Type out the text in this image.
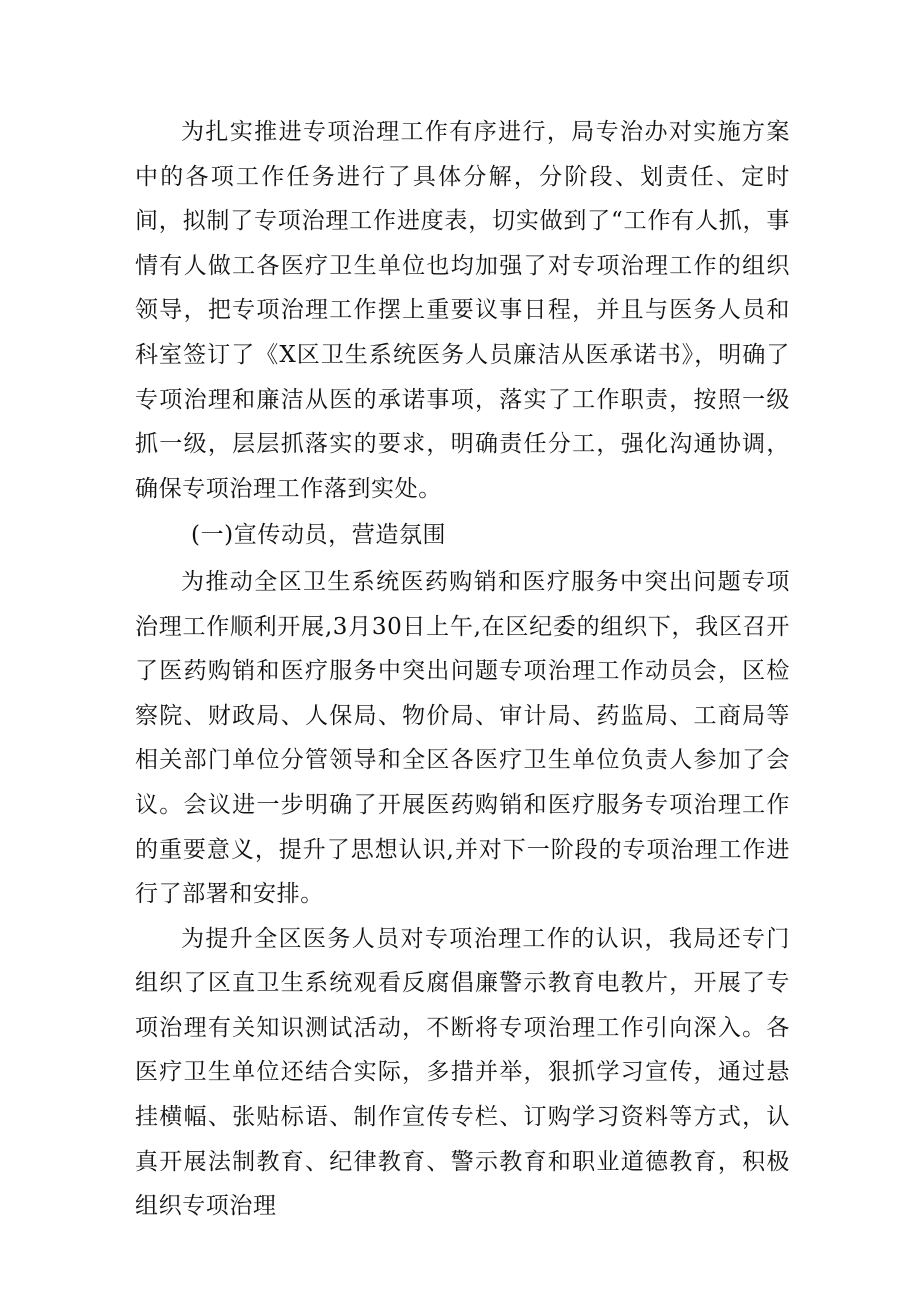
为扎实推进专项治理工作有序进行，局专治办对实施方案中的各项工作任务进行了具体分解，分阶段、划责任、定时间，拟制了专项治理工作进度表，切实做到了“工作有人抓，事情有人做工各医疗卫生单位也均加强了对专项治理工作的组织领导，把专项治理工作摆上重要议事日程，并且与医务人员和科室签订了《X区卫生系统医务人员廉洁从医承诺书》，明确了专项治理和廉洁从医的承诺事项，落实了工作职责，按照一级抓一级，层层抓落实的要求，明确责任分工，强化沟通协调，确保专项治理工作落到实处。

(一)宣传动员，营造氛围

为推动全区卫生系统医药购销和医疗服务中突出问题专项治理工作顺利开展,3月30日上午,在区纪委的组织下，我区召开了医药购销和医疗服务中突出问题专项治理工作动员会，区检察院、财政局、人保局、物价局、审计局、药监局、工商局等相关部门单位分管领导和全区各医疗卫生单位负责人参加了会议。会议进一步明确了开展医药购销和医疗服务专项治理工作的重要意义，提升了思想认识,并对下一阶段的专项治理工作进行了部署和安排。

为提升全区医务人员对专项治理工作的认识，我局还专门组织了区直卫生系统观看反腐倡廉警示教育电教片，开展了专项治理有关知识测试活动，不断将专项治理工作引向深入。各医疗卫生单位还结合实际，多措并举，狠抓学习宣传，通过悬挂横幅、张贴标语、制作宣传专栏、订购学习资料等方式，认真开展法制教育、纪律教育、警示教育和职业道德教育，积极组织专项治理
